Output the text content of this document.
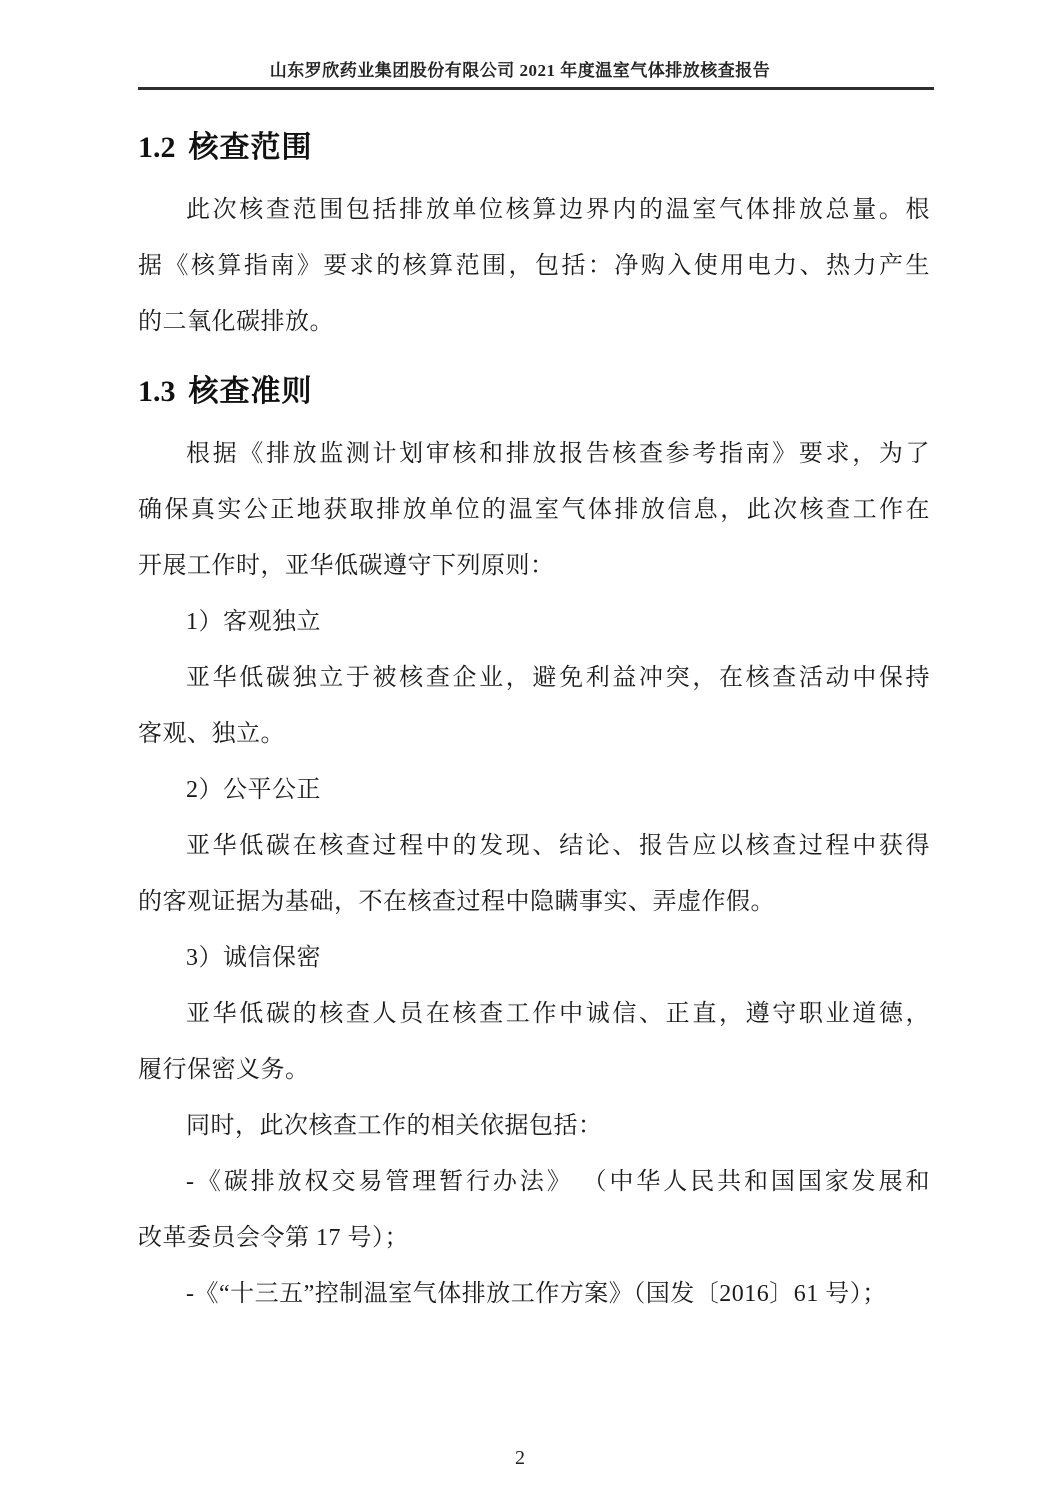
山东罗欣药业集团股份有限公司 2021 年度温室气体排放核查报告
1.2 核查范围
此次核查范围包括排放单位核算边界内的温室气体排放总量。根
据《核算指南》要求的核算范围，包括：净购入使用电力、热力产生
的二氧化碳排放。
1.3 核查准则
根据《排放监测计划审核和排放报告核查参考指南》要求，为了
确保真实公正地获取排放单位的温室气体排放信息，此次核查工作在
开展工作时，亚华低碳遵守下列原则：
1）客观独立
亚华低碳独立于被核查企业，避免利益冲突，在核查活动中保持
客观、独立。
2）公平公正
亚华低碳在核查过程中的发现、结论、报告应以核查过程中获得
的客观证据为基础，不在核查过程中隐瞒事实、弄虚作假。
3）诚信保密
亚华低碳的核查人员在核查工作中诚信、正直，遵守职业道德，
履行保密义务。
同时，此次核查工作的相关依据包括：
-《碳排放权交易管理暂行办法》 （中华人民共和国国家发展和
改革委员会令第 17 号）；
-《“十三五”控制温室气体排放工作方案》（国发〔2016〕61 号）；
2
